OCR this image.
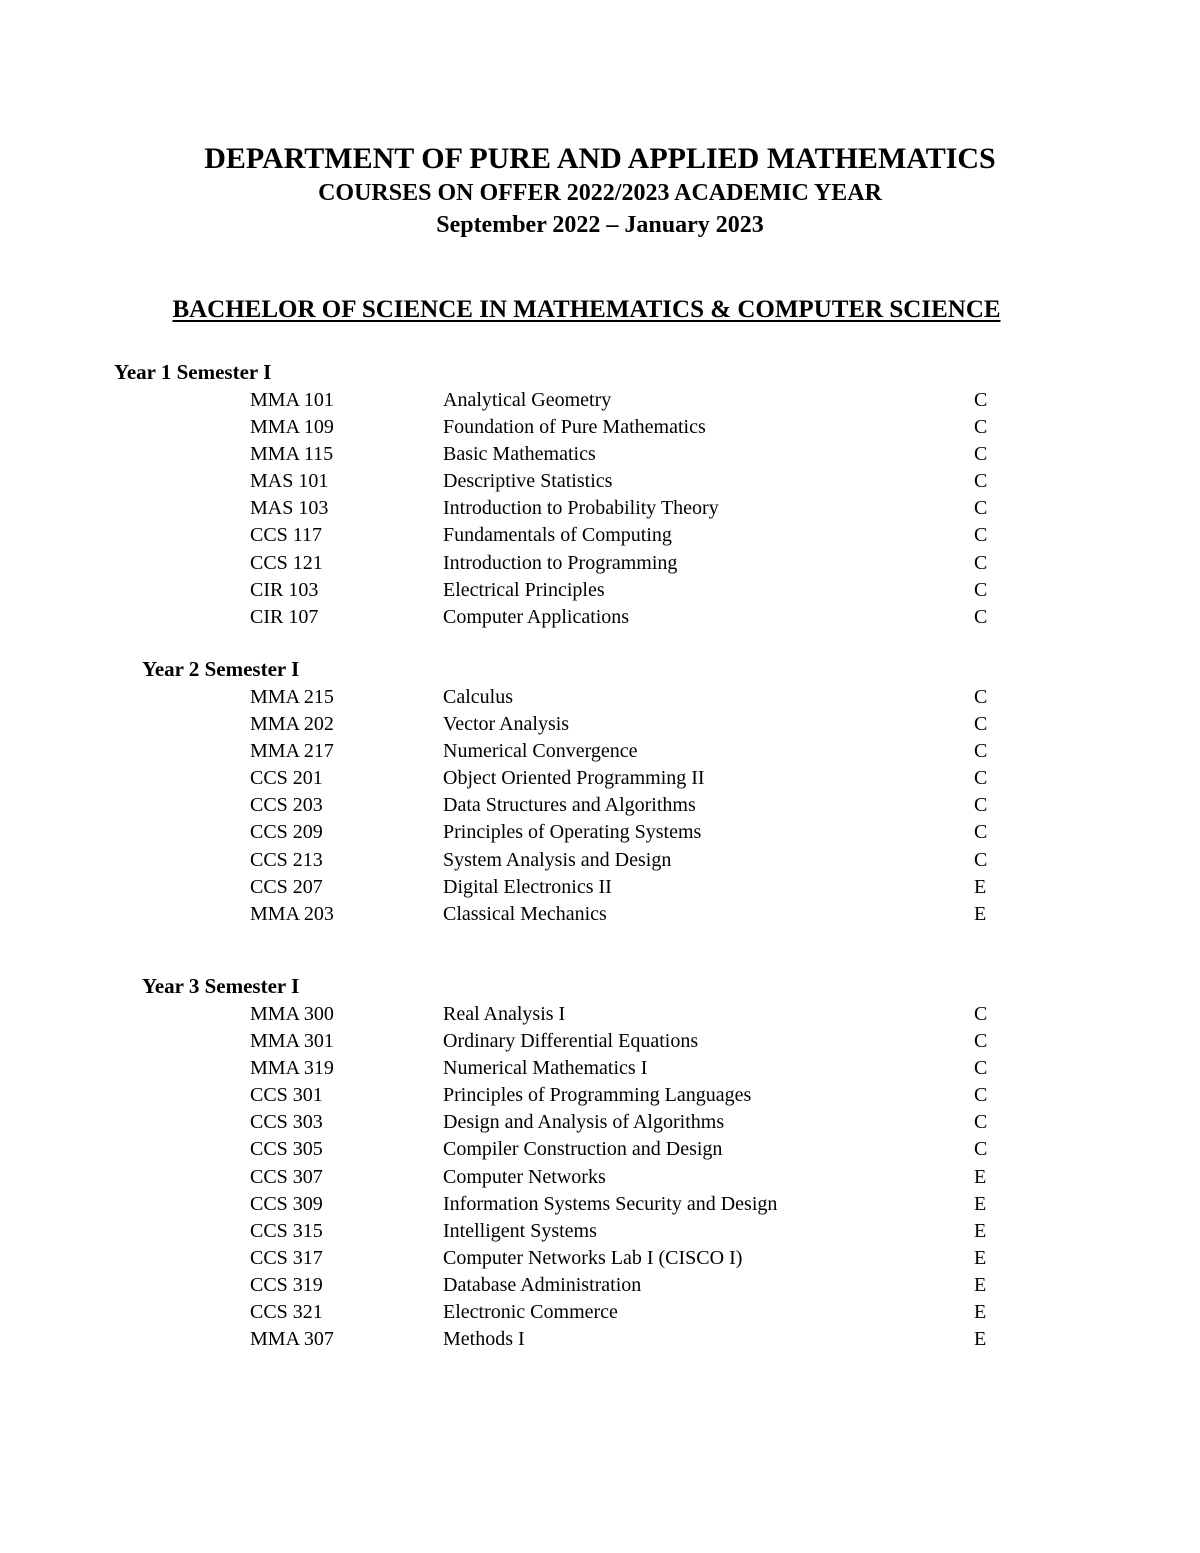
DEPARTMENT OF PURE AND APPLIED MATHEMATICS
COURSES ON OFFER 2022/2023 ACADEMIC YEAR
September 2022 – January 2023
BACHELOR OF SCIENCE IN MATHEMATICS & COMPUTER SCIENCE
Year 1 Semester I
MMA 101	Analytical Geometry	C
MMA 109	Foundation of Pure Mathematics	C
MMA 115	Basic Mathematics	C
MAS 101	Descriptive Statistics	C
MAS 103	Introduction to Probability Theory	C
CCS 117	Fundamentals of Computing	C
CCS 121	Introduction to Programming	C
CIR 103	Electrical Principles	C
CIR 107	Computer Applications	C
Year 2 Semester I
MMA 215	Calculus	C
MMA 202	Vector Analysis	C
MMA 217	Numerical Convergence	C
CCS 201	Object Oriented Programming II	C
CCS 203	Data Structures and Algorithms	C
CCS 209	Principles of Operating Systems	C
CCS 213	System Analysis and Design	C
CCS 207	Digital Electronics II	E
MMA 203	Classical Mechanics	E
Year 3 Semester I
MMA 300	Real Analysis I	C
MMA 301	Ordinary Differential Equations	C
MMA 319	Numerical Mathematics I	C
CCS 301	Principles of Programming Languages	C
CCS 303	Design and Analysis of Algorithms	C
CCS 305	Compiler Construction and Design	C
CCS 307	Computer Networks	E
CCS 309	Information Systems Security and Design	E
CCS 315	Intelligent Systems	E
CCS 317	Computer Networks Lab I (CISCO I)	E
CCS 319	Database Administration	E
CCS 321	Electronic Commerce	E
MMA 307	Methods I	E
